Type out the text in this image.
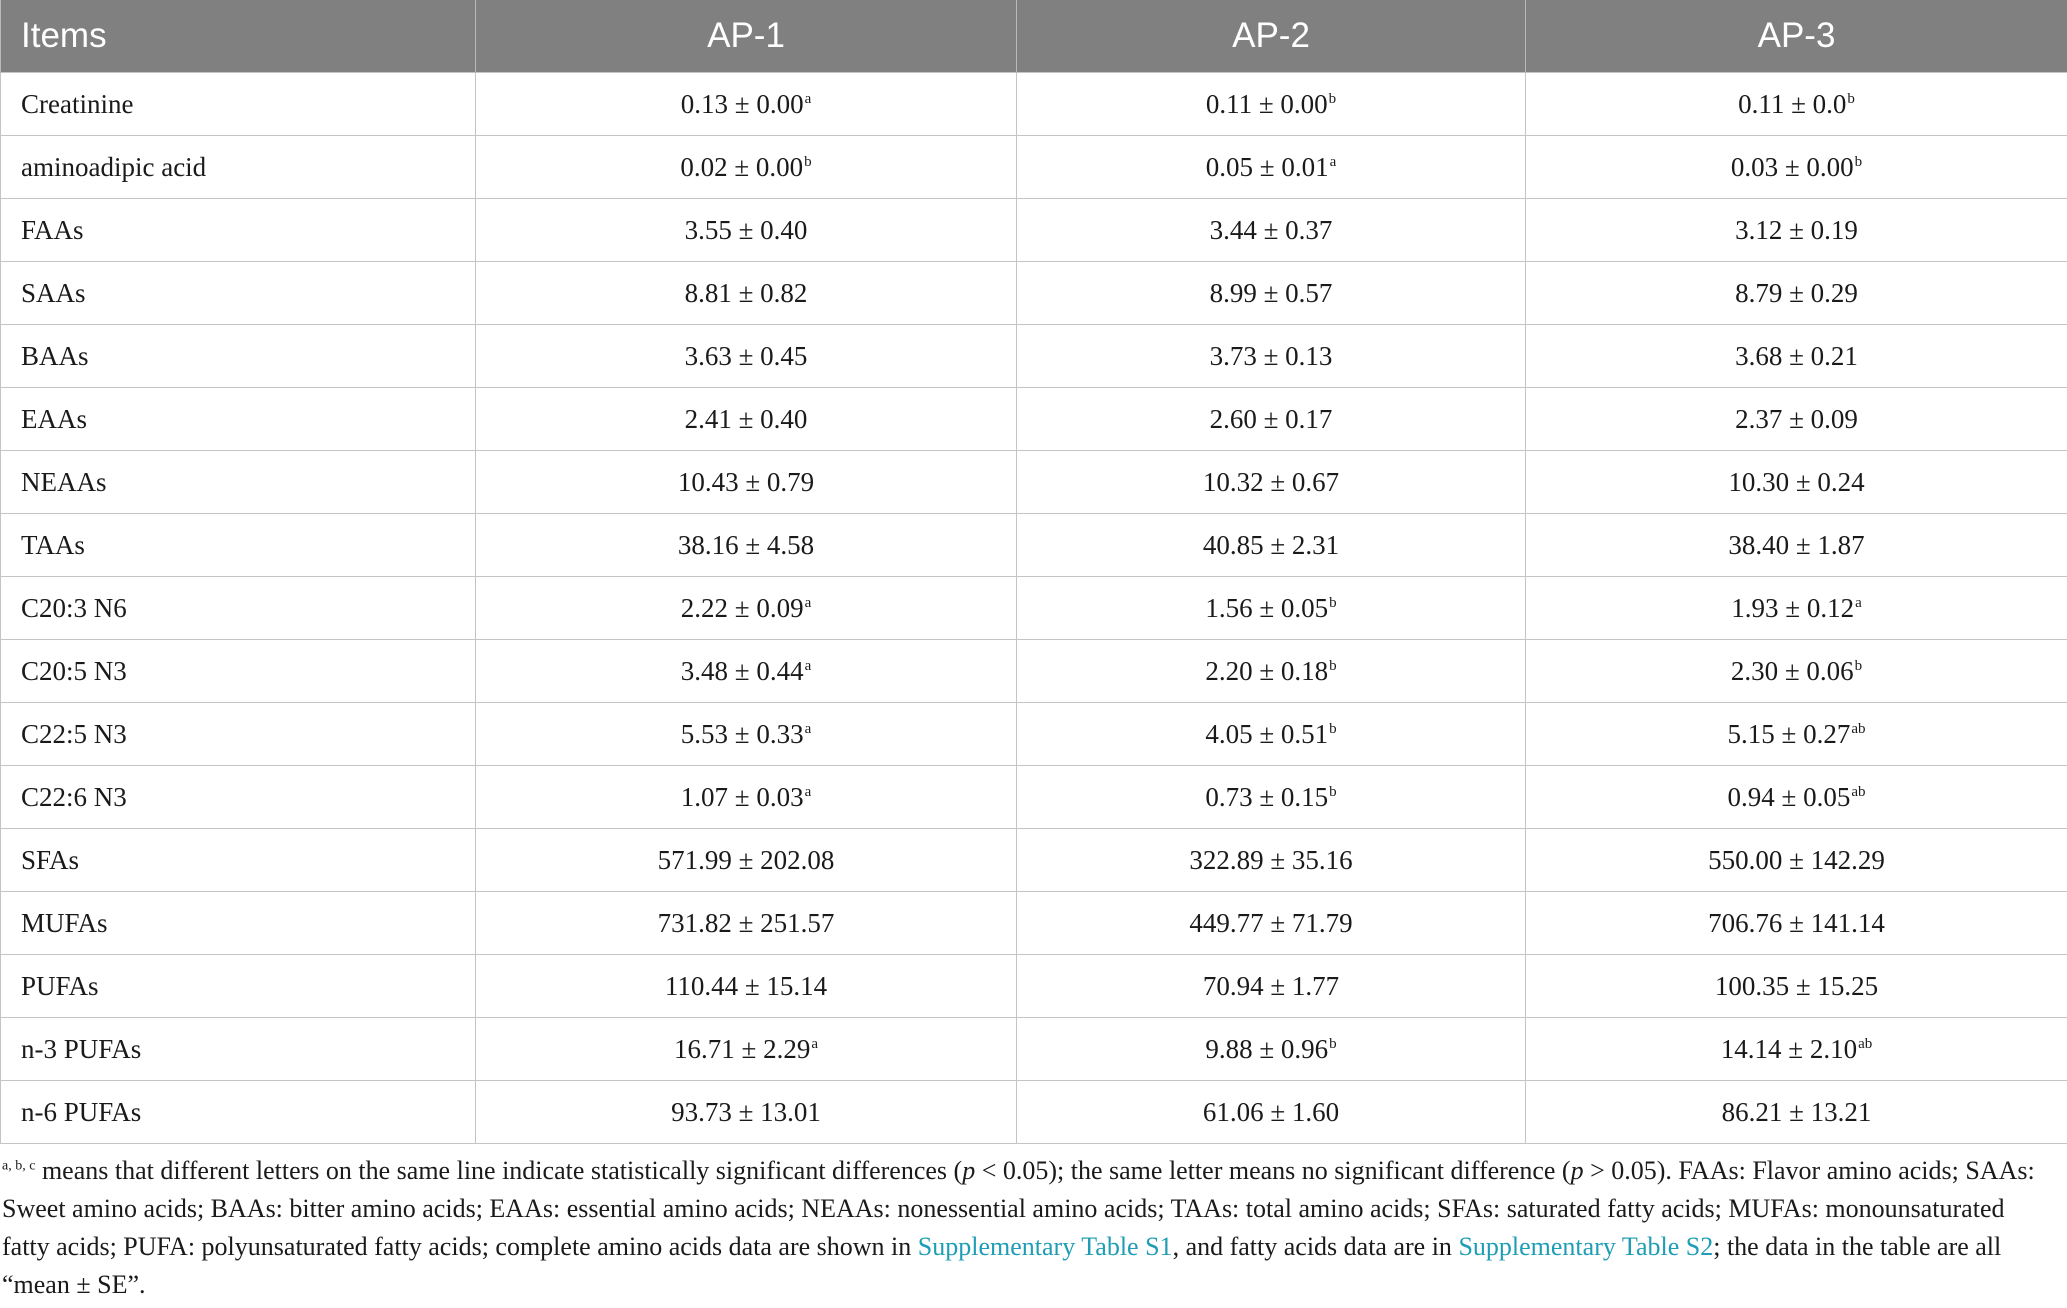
Items	AP-1	AP-2	AP-3
Creatinine	0.13 ± 0.00$^a$	0.11 ± 0.00$^b$	0.11 ± 0.0$^b$
aminoadipic acid	0.02 ± 0.00$^b$	0.05 ± 0.01$^a$	0.03 ± 0.00$^b$
FAAs	3.55 ± 0.40	3.44 ± 0.37	3.12 ± 0.19
SAAs	8.81 ± 0.82	8.99 ± 0.57	8.79 ± 0.29
BAAs	3.63 ± 0.45	3.73 ± 0.13	3.68 ± 0.21
EAAs	2.41 ± 0.40	2.60 ± 0.17	2.37 ± 0.09
NEAAs	10.43 ± 0.79	10.32 ± 0.67	10.30 ± 0.24
TAAs	38.16 ± 4.58	40.85 ± 2.31	38.40 ± 1.87
C20:3 N6	2.22 ± 0.09$^a$	1.56 ± 0.05$^b$	1.93 ± 0.12$^a$
C20:5 N3	3.48 ± 0.44$^a$	2.20 ± 0.18$^b$	2.30 ± 0.06$^b$
C22:5 N3	5.53 ± 0.33$^a$	4.05 ± 0.51$^b$	5.15 ± 0.27$^{ab}$
C22:6 N3	1.07 ± 0.03$^a$	0.73 ± 0.15$^b$	0.94 ± 0.05$^{ab}$
SFAs	571.99 ± 202.08	322.89 ± 35.16	550.00 ± 142.29
MUFAs	731.82 ± 251.57	449.77 ± 71.79	706.76 ± 141.14
PUFAs	110.44 ± 15.14	70.94 ± 1.77	100.35 ± 15.25
n-3 PUFAs	16.71 ± 2.29$^a$	9.88 ± 0.96$^b$	14.14 ± 2.10$^{ab}$
n-6 PUFAs	93.73 ± 13.01	61.06 ± 1.60	86.21 ± 13.21

$^{a, b, c}$ means that different letters on the same line indicate statistically significant differences (p < 0.05); the same letter means no significant difference (p > 0.05). FAAs: Flavor amino acids; SAAs: Sweet amino acids; BAAs: bitter amino acids; EAAs: essential amino acids; NEAAs: nonessential amino acids; TAAs: total amino acids; SFAs: saturated fatty acids; MUFAs: monounsaturated fatty acids; PUFA: polyunsaturated fatty acids; complete amino acids data are shown in Supplementary Table S1, and fatty acids data are in Supplementary Table S2; the data in the table are all “mean ± SE”.
